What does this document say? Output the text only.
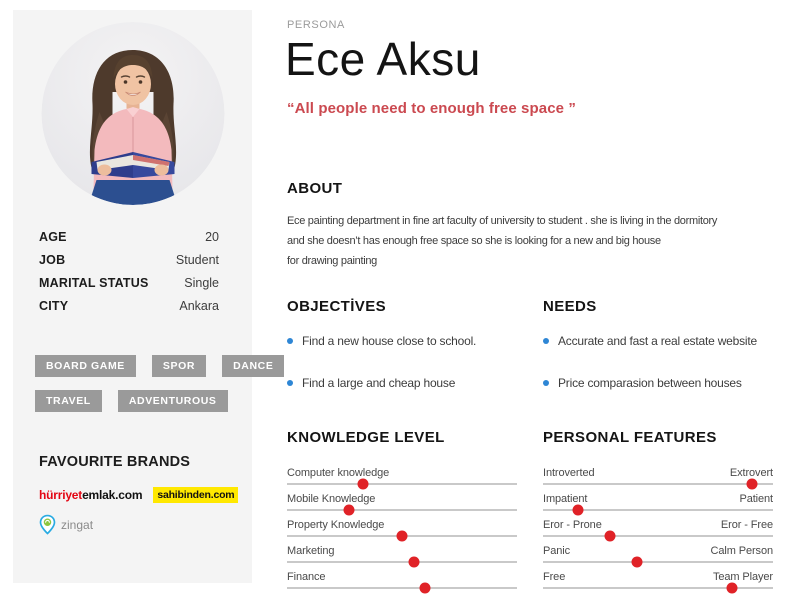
AGE	20
JOB	Student
MARITAL STATUS	Single
CITY	Ankara
BOARD GAME	SPOR	DANCE
TRAVEL	ADVENTUROUS
FAVOURITE BRANDS
hürriyetemlak.com	sahibinden.com
zingat
PERSONA
Ece Aksu
“All people need to enough free space ”
ABOUT
Ece painting department in fine art faculty of university to student . she is living in the dormitory
and she doesn’t has enough free space so she is looking for a new and big house
for drawing painting
OBJECTİVES
Find a new house close to school.
Find a large and cheap house
NEEDS
Accurate and fast a real estate website
Price comparasion between houses
KNOWLEDGE LEVEL
Computer knowledge
Mobile Knowledge
Property Knowledge
Marketing
Finance
PERSONAL FEATURES
Introverted	Extrovert
Impatient	Patient
Eror - Prone	Eror - Free
Panic	Calm Person
Free	Team Player
